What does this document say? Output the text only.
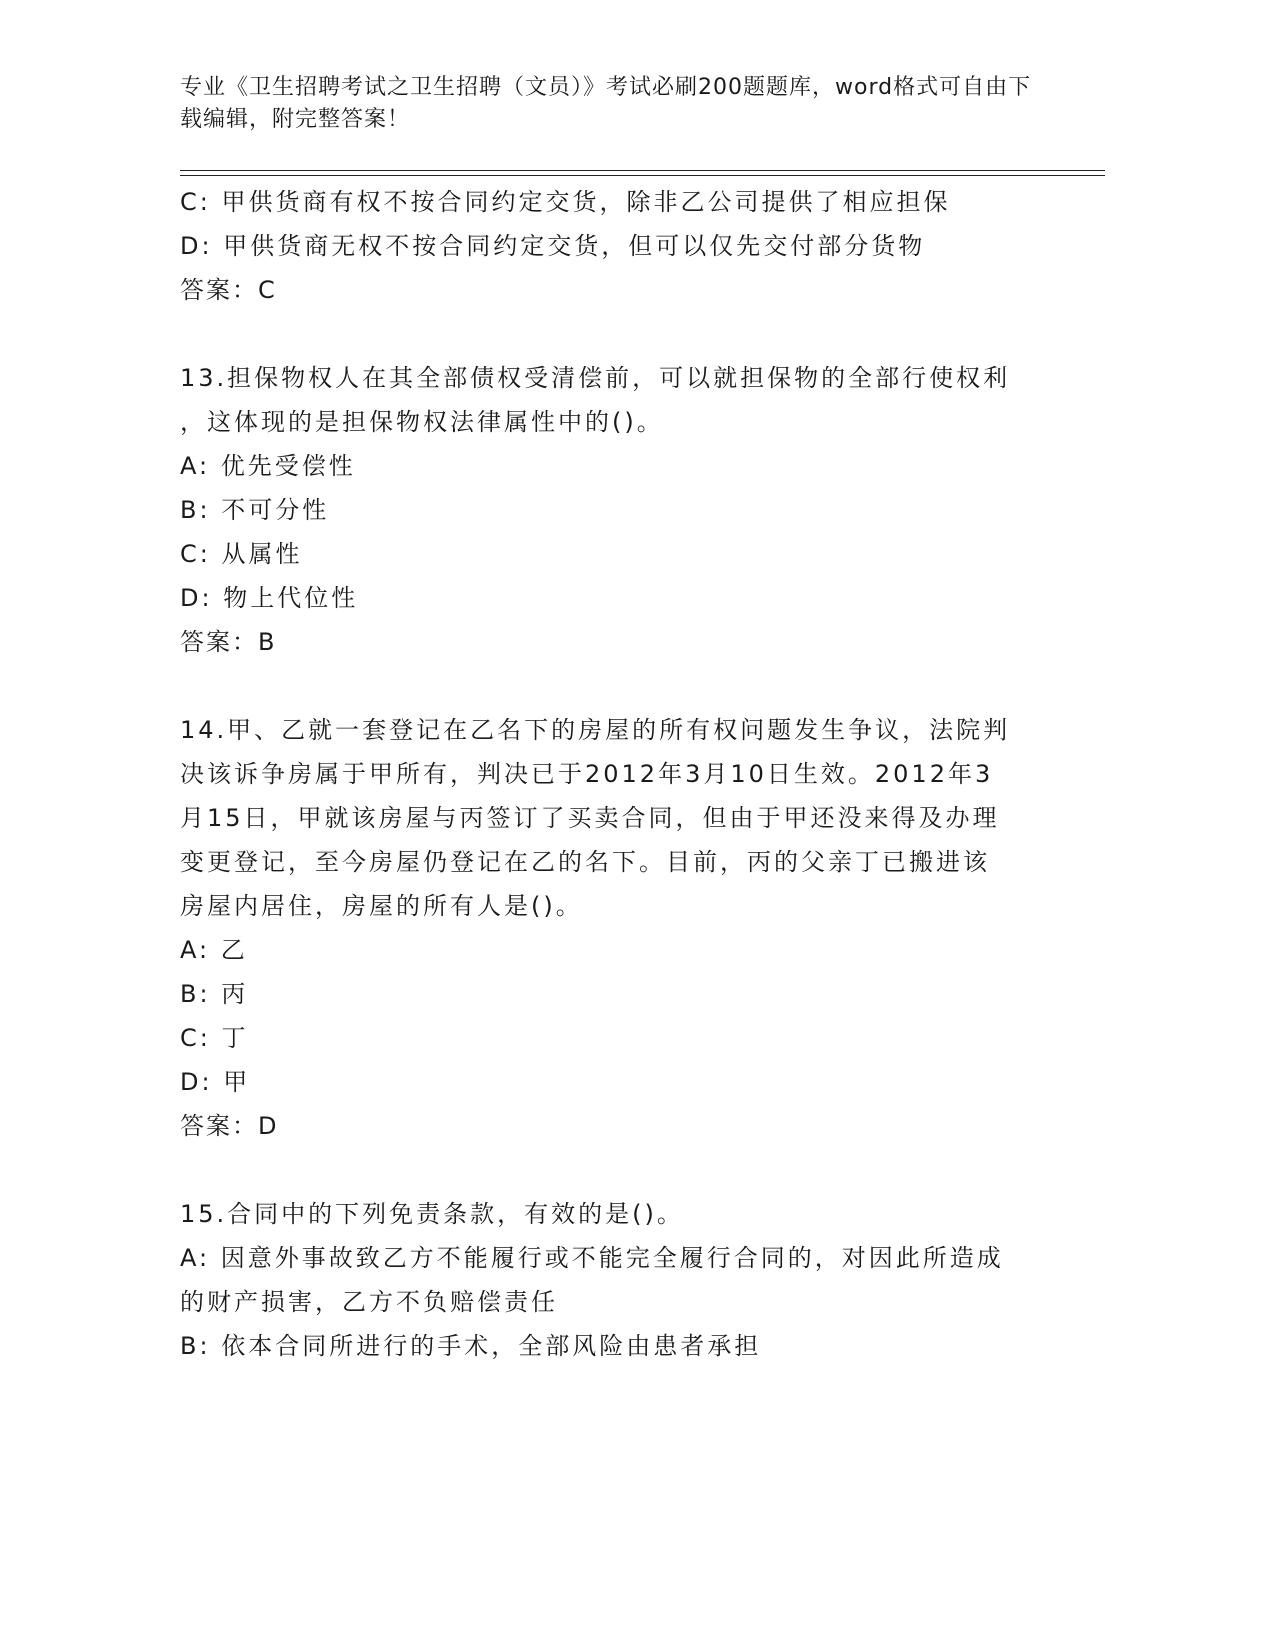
专业《卫生招聘考试之卫生招聘（文员）》考试必刷200题题库，word格式可自由下载编辑，附完整答案！
C: 甲供货商有权不按合同约定交货，除非乙公司提供了相应担保
D: 甲供货商无权不按合同约定交货，但可以仅先交付部分货物
答案：C
13.担保物权人在其全部债权受清偿前，可以就担保物的全部行使权利
，这体现的是担保物权法律属性中的()。
A: 优先受偿性
B: 不可分性
C: 从属性
D: 物上代位性
答案：B
14.甲、乙就一套登记在乙名下的房屋的所有权问题发生争议，法院判
决该诉争房属于甲所有，判决已于2012年3月10日生效。2012年3
月15日，甲就该房屋与丙签订了买卖合同，但由于甲还没来得及办理
变更登记，至今房屋仍登记在乙的名下。目前，丙的父亲丁已搬进该
房屋内居住，房屋的所有人是()。
A: 乙
B: 丙
C: 丁
D: 甲
答案：D
15.合同中的下列免责条款，有效的是()。
A: 因意外事故致乙方不能履行或不能完全履行合同的，对因此所造成
的财产损害，乙方不负赔偿责任
B: 依本合同所进行的手术，全部风险由患者承担
